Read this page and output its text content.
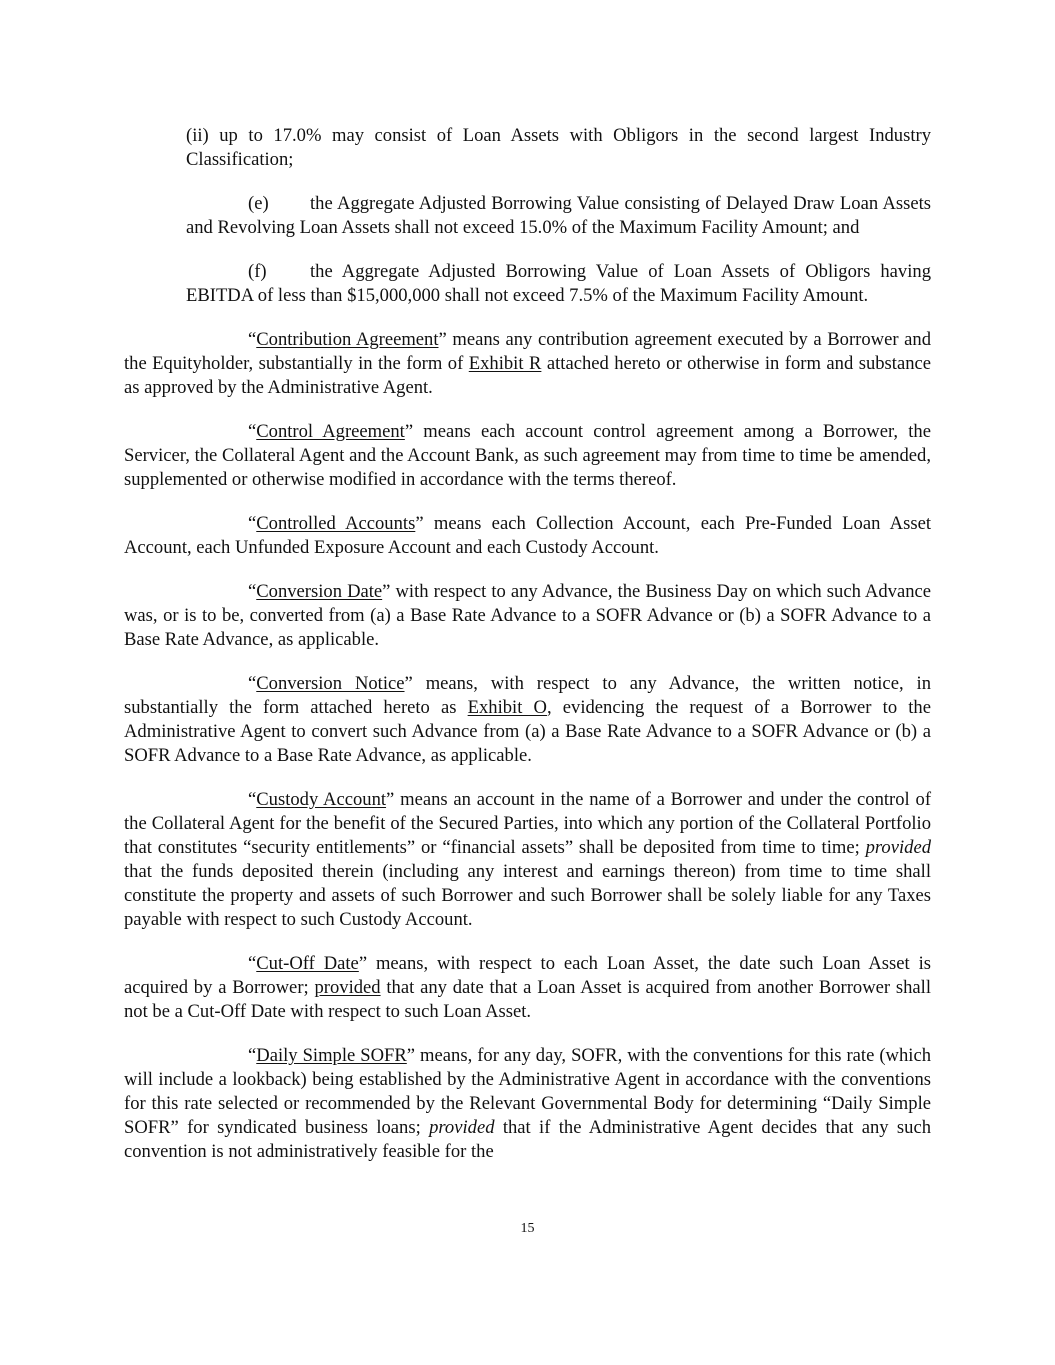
(ii) up to 17.0% may consist of Loan Assets with Obligors in the second largest Industry Classification;

(e) the Aggregate Adjusted Borrowing Value consisting of Delayed Draw Loan Assets and Revolving Loan Assets shall not exceed 15.0% of the Maximum Facility Amount; and

(f) the Aggregate Adjusted Borrowing Value of Loan Assets of Obligors having EBITDA of less than $15,000,000 shall not exceed 7.5% of the Maximum Facility Amount.

“Contribution Agreement” means any contribution agreement executed by a Borrower and the Equityholder, substantially in the form of Exhibit R attached hereto or otherwise in form and substance as approved by the Administrative Agent.

“Control Agreement” means each account control agreement among a Borrower, the Servicer, the Collateral Agent and the Account Bank, as such agreement may from time to time be amended, supplemented or otherwise modified in accordance with the terms thereof.

“Controlled Accounts” means each Collection Account, each Pre-Funded Loan Asset Account, each Unfunded Exposure Account and each Custody Account.

“Conversion Date” with respect to any Advance, the Business Day on which such Advance was, or is to be, converted from (a) a Base Rate Advance to a SOFR Advance or (b) a SOFR Advance to a Base Rate Advance, as applicable.

“Conversion Notice” means, with respect to any Advance, the written notice, in substantially the form attached hereto as Exhibit O, evidencing the request of a Borrower to the Administrative Agent to convert such Advance from (a) a Base Rate Advance to a SOFR Advance or (b) a SOFR Advance to a Base Rate Advance, as applicable.

“Custody Account” means an account in the name of a Borrower and under the control of the Collateral Agent for the benefit of the Secured Parties, into which any portion of the Collateral Portfolio that constitutes “security entitlements” or “financial assets” shall be deposited from time to time; provided that the funds deposited therein (including any interest and earnings thereon) from time to time shall constitute the property and assets of such Borrower and such Borrower shall be solely liable for any Taxes payable with respect to such Custody Account.

“Cut-Off Date” means, with respect to each Loan Asset, the date such Loan Asset is acquired by a Borrower; provided that any date that a Loan Asset is acquired from another Borrower shall not be a Cut-Off Date with respect to such Loan Asset.

“Daily Simple SOFR” means, for any day, SOFR, with the conventions for this rate (which will include a lookback) being established by the Administrative Agent in accordance with the conventions for this rate selected or recommended by the Relevant Governmental Body for determining “Daily Simple SOFR” for syndicated business loans; provided that if the Administrative Agent decides that any such convention is not administratively feasible for the

15
